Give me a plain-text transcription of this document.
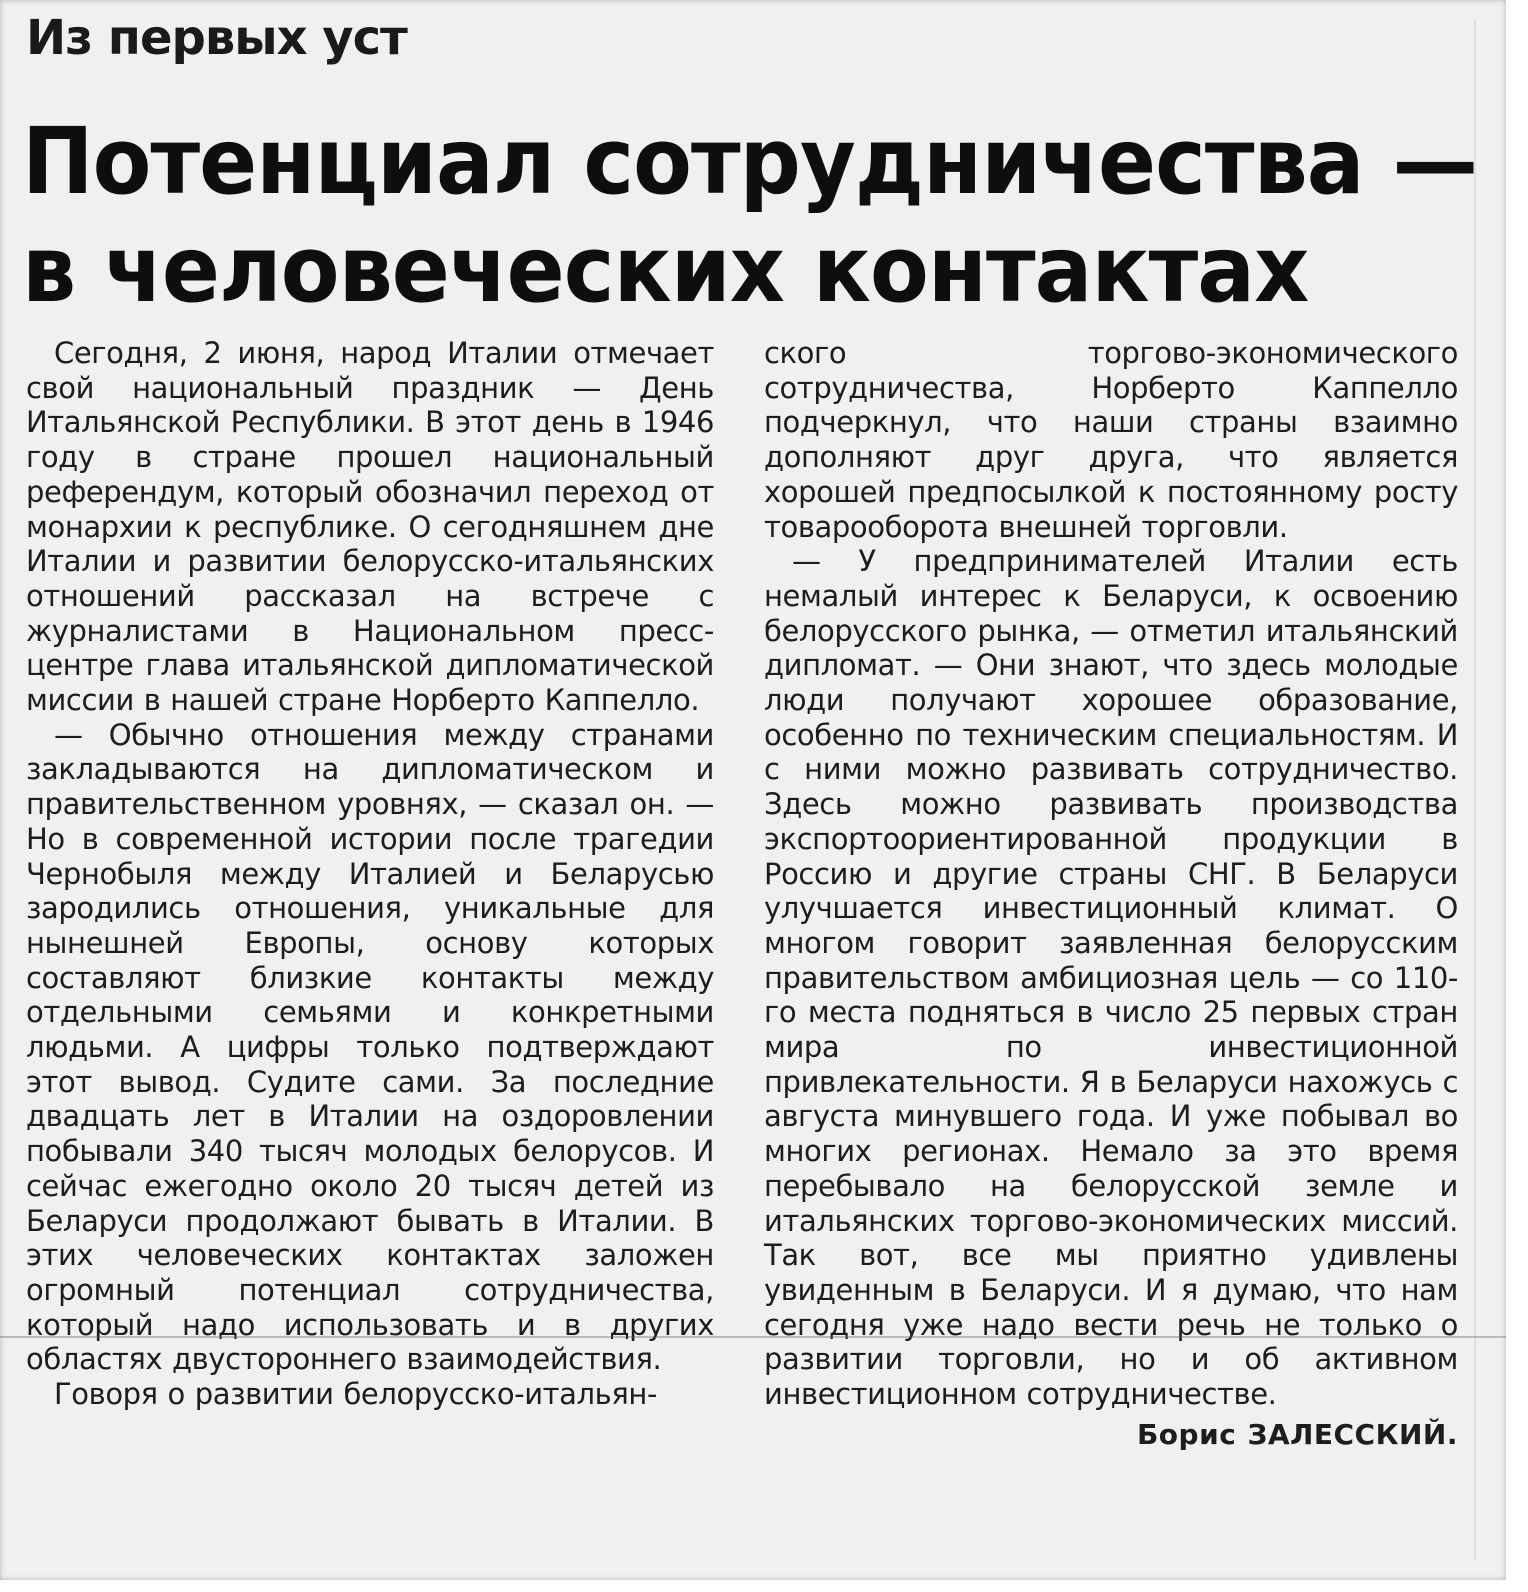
Из первых уст
Потенциал сотрудничества —
в человеческих контактах

Сегодня, 2 июня, народ Италии отмечает свой национальный праздник — День Итальянской Республики. В этот день в 1946 году в стране прошел национальный референдум, который обозначил переход от монархии к республике. О сегодняшнем дне Италии и развитии белорусско-итальянских отношений рассказал на встрече с журналистами в Национальном пресс-центре глава итальянской дипломатической миссии в нашей стране Норберто Каппелло.

— Обычно отношения между странами закладываются на дипломатическом и правительственном уровнях, — сказал он. — Но в современной истории после трагедии Чернобыля между Италией и Беларусью зародились отношения, уникальные для нынешней Европы, основу которых составляют близкие контакты между отдельными семьями и конкретными людьми. А цифры только подтверждают этот вывод. Судите сами. За последние двадцать лет в Италии на оздоровлении побывали 340 тысяч молодых белорусов. И сейчас ежегодно около 20 тысяч детей из Беларуси продолжают бывать в Италии. В этих человеческих контактах заложен огромный потенциал сотрудничества, который надо использовать и в других областях двустороннего взаимодействия.

Говоря о развитии белорусско-итальян-

ского торгово-экономического сотрудничества, Норберто Каппелло подчеркнул, что наши страны взаимно дополняют друг друга, что является хорошей предпосылкой к постоянному росту товарооборота внешней торговли.

— У предпринимателей Италии есть немалый интерес к Беларуси, к освоению белорусского рынка, — отметил итальянский дипломат. — Они знают, что здесь молодые люди получают хорошее образование, особенно по техническим специальностям. И с ними можно развивать сотрудничество. Здесь можно развивать производства экспортоориентированной продукции в Россию и другие страны СНГ. В Беларуси улучшается инвестиционный климат. О многом говорит заявленная белорусским правительством амбициозная цель — со 110-го места подняться в число 25 первых стран мира по инвестиционной привлекательности. Я в Беларуси нахожусь с августа минувшего года. И уже побывал во многих регионах. Немало за это время перебывало на белорусской земле и итальянских торгово-экономических миссий. Так вот, все мы приятно удивлены увиденным в Беларуси. И я думаю, что нам сегодня уже надо вести речь не только о развитии торговли, но и об активном инвестиционном сотрудничестве.

Борис ЗАЛЕССКИЙ.
